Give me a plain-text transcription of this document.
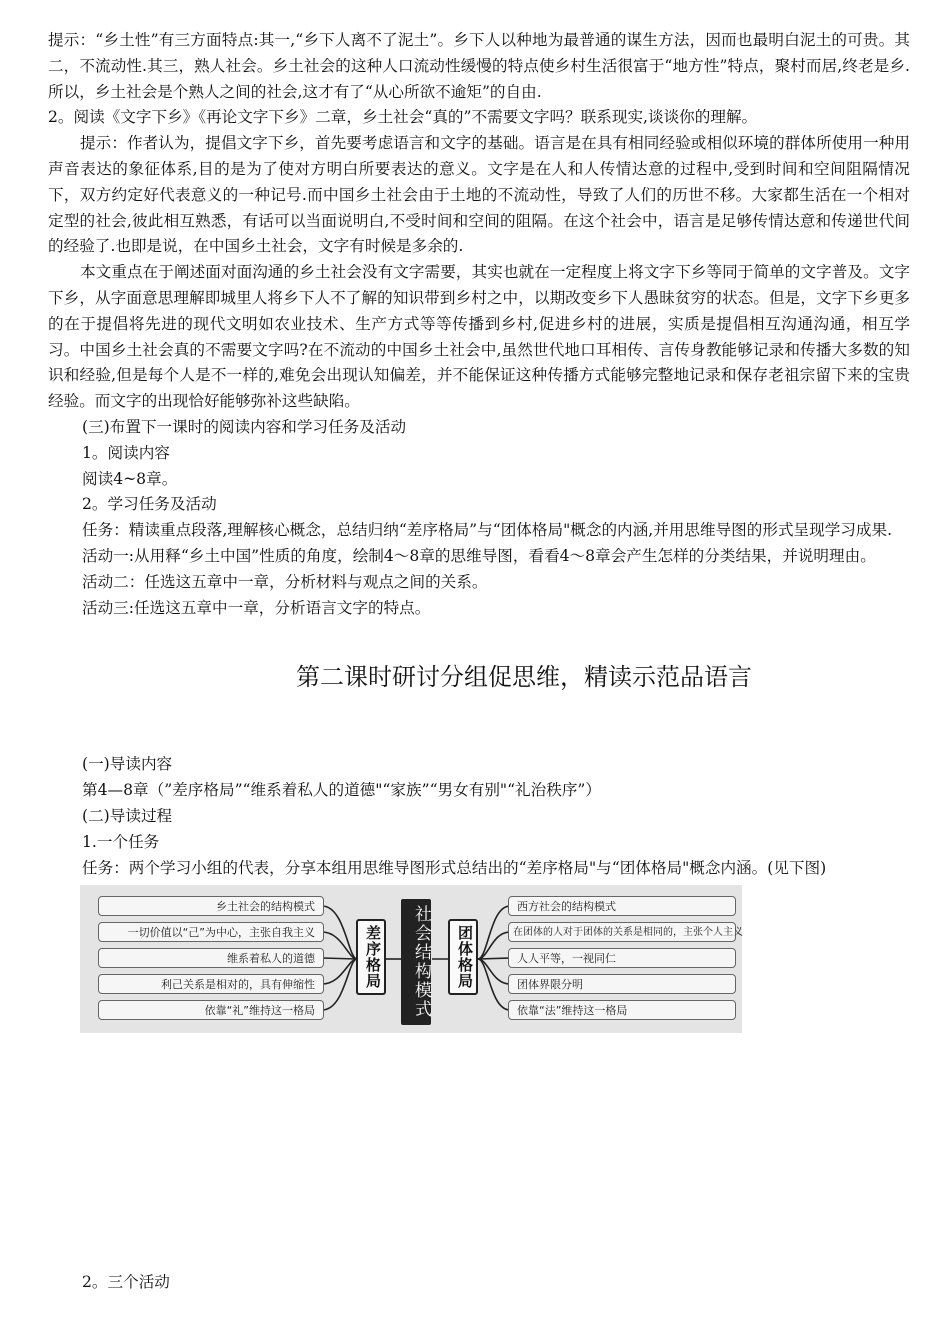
提示：“乡土性”有三方面特点:其一,“乡下人离不了泥土”。乡下人以种地为最普通的谋生方法，因而也最明白泥土的可贵。其二，不流动性.其三，熟人社会。乡土社会的这种人口流动性缓慢的特点使乡村生活很富于“地方性”特点，聚村而居,终老是乡.所以，乡土社会是个熟人之间的社会,这才有了“从心所欲不逾矩”的自由.

2。阅读《文字下乡》《再论文字下乡》二章，乡土社会“真的”不需要文字吗？联系现实,谈谈你的理解。

提示：作者认为，提倡文字下乡，首先要考虑语言和文字的基础。语言是在具有相同经验或相似环境的群体所使用一种用声音表达的象征体系,目的是为了使对方明白所要表达的意义。文字是在人和人传情达意的过程中,受到时间和空间阻隔情况下，双方约定好代表意义的一种记号.而中国乡土社会由于土地的不流动性，导致了人们的历世不移。大家都生活在一个相对定型的社会,彼此相互熟悉，有话可以当面说明白,不受时间和空间的阻隔。在这个社会中，语言是足够传情达意和传递世代间的经验了.也即是说，在中国乡土社会，文字有时候是多余的.

本文重点在于阐述面对面沟通的乡土社会没有文字需要，其实也就在一定程度上将文字下乡等同于简单的文字普及。文字下乡，从字面意思理解即城里人将乡下人不了解的知识带到乡村之中，以期改变乡下人愚昧贫穷的状态。但是，文字下乡更多的在于提倡将先进的现代文明如农业技术、生产方式等等传播到乡村,促进乡村的进展，实质是提倡相互沟通沟通，相互学习。中国乡土社会真的不需要文字吗?在不流动的中国乡土社会中,虽然世代地口耳相传、言传身教能够记录和传播大多数的知识和经验,但是每个人是不一样的,难免会出现认知偏差，并不能保证这种传播方式能够完整地记录和保存老祖宗留下来的宝贵经验。而文字的出现恰好能够弥补这些缺陷。

(三)布置下一课时的阅读内容和学习任务及活动

1。阅读内容

阅读4~8章。

2。学习任务及活动

任务：精读重点段落,理解核心概念，总结归纳“差序格局”与“团体格局"概念的内涵,并用思维导图的形式呈现学习成果.

活动一:从用释“乡土中国”性质的角度，绘制4～8章的思维导图，看看4～8章会产生怎样的分类结果，并说明理由。

活动二：任选这五章中一章，分析材料与观点之间的关系。

活动三:任选这五章中一章，分析语言文字的特点。

第二课时研讨分组促思维，精读示范品语言

(一)导读内容

第4—8章（”差序格局”“维系着私人的道德"“家族”“男女有别"“礼治秩序”）

(二)导读过程

1.一个任务

任务：两个学习小组的代表，分享本组用思维导图形式总结出的“差序格局"与“团体格局"概念内涵。(见下图)

乡土社会的结构模式
一切价值以“己”为中心，主张自我主义
维系着私人的道德
利己关系是相对的，具有伸缩性
依靠“礼”维持这一格局
差序格局	社会结构模式	团体格局
西方社会的结构模式
在团体的人对于团体的关系是相同的，主张个人主义
人人平等，一视同仁
团体界限分明
依靠“法”维持这一格局

2。三个活动
